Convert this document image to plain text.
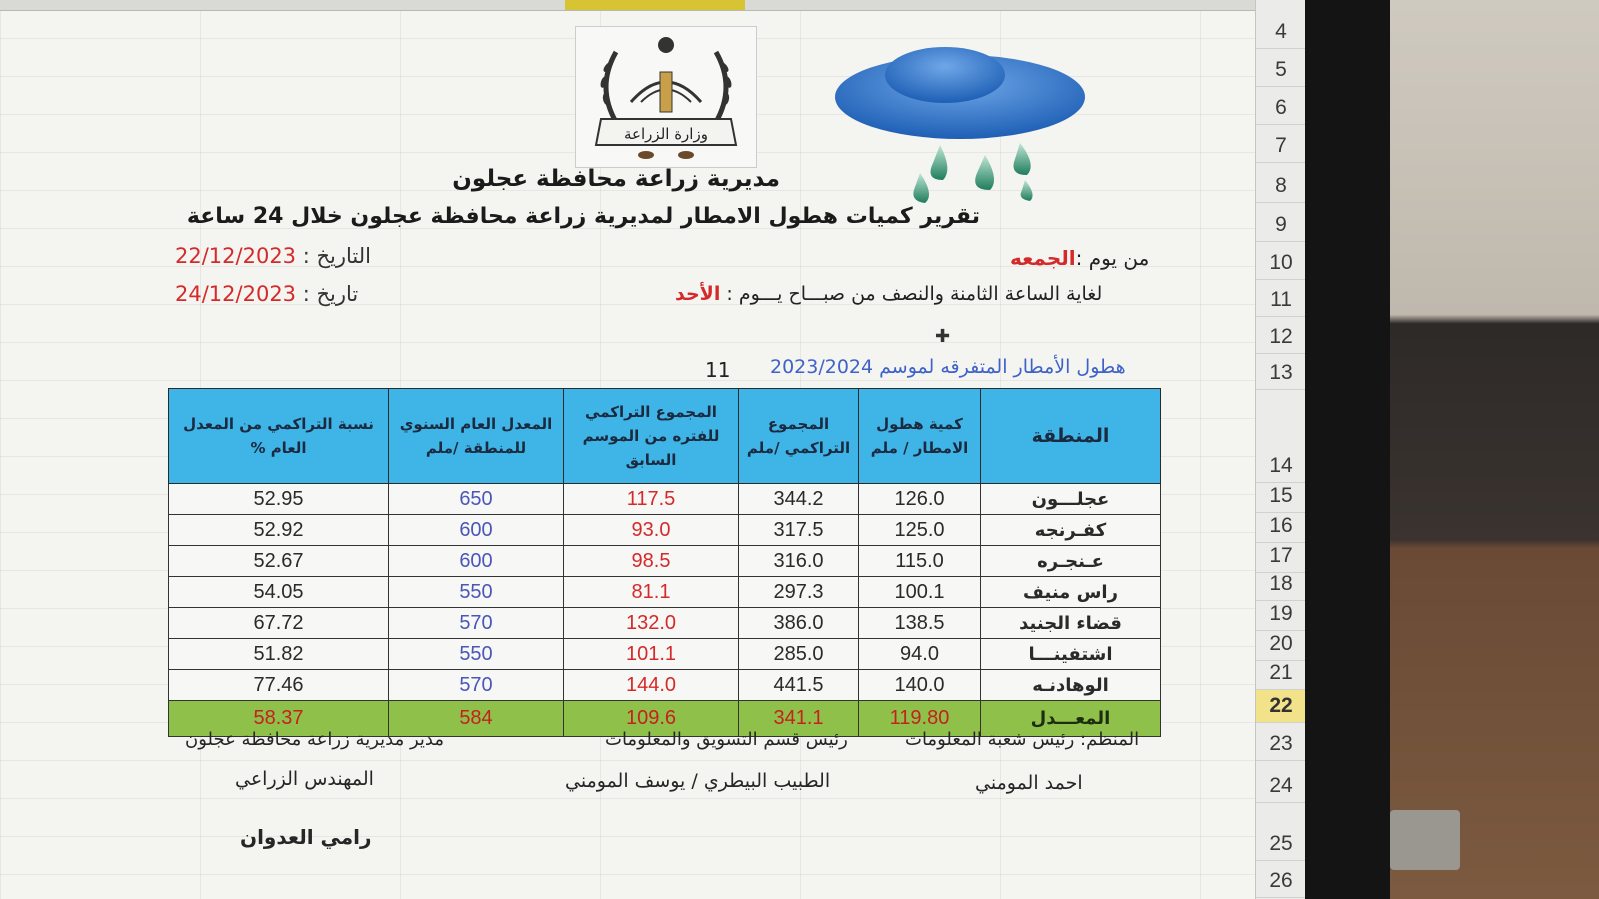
وزارة الزراعة
مديرية زراعة محافظة عجلون
تقرير كميات هطول الامطار لمديرية زراعة محافظة عجلون خلال 24 ساعة
من يوم :الجمعه
لغاية الساعة الثامنة والنصف من صبـــاح يـــوم : الأحد
22/12/2023 التاريخ :
24/12/2023 تاريخ :
✚
هطول الأمطار المتفرقه لموسم 2023/2024
11
المنطقة	كمية هطول الامطار / ملم	المجموع التراكمي /ملم	المجموع التراكمي للفتره من الموسم السابق	المعدل العام السنوي للمنطقة /ملم	نسبة التراكمي من المعدل العام %
عجلـــون	126.0	344.2	117.5	650	52.95
كفـرنجه	125.0	317.5	93.0	600	52.92
عـنجـره	115.0	316.0	98.5	600	52.67
راس منيف	100.1	297.3	81.1	550	54.05
قضاء الجنيد	138.5	386.0	132.0	570	67.72
اشتفينـــا	94.0	285.0	101.1	550	51.82
الوهادنـه	140.0	441.5	144.0	570	77.46
المعـــدل	119.80	341.1	109.6	584	58.37
المنظم: رئيس شعبة المعلومات
رئيس قسم التسويق والمعلومات
مدير مديرية زراعة محافظة عجلون
احمد المومني
الطبيب البيطري / يوسف المومني
المهندس الزراعي
رامي العدوان
4
5
6
7
8
9
10
11
12
13
14
15
16
17
18
19
20
21
22
23
24
25
26
